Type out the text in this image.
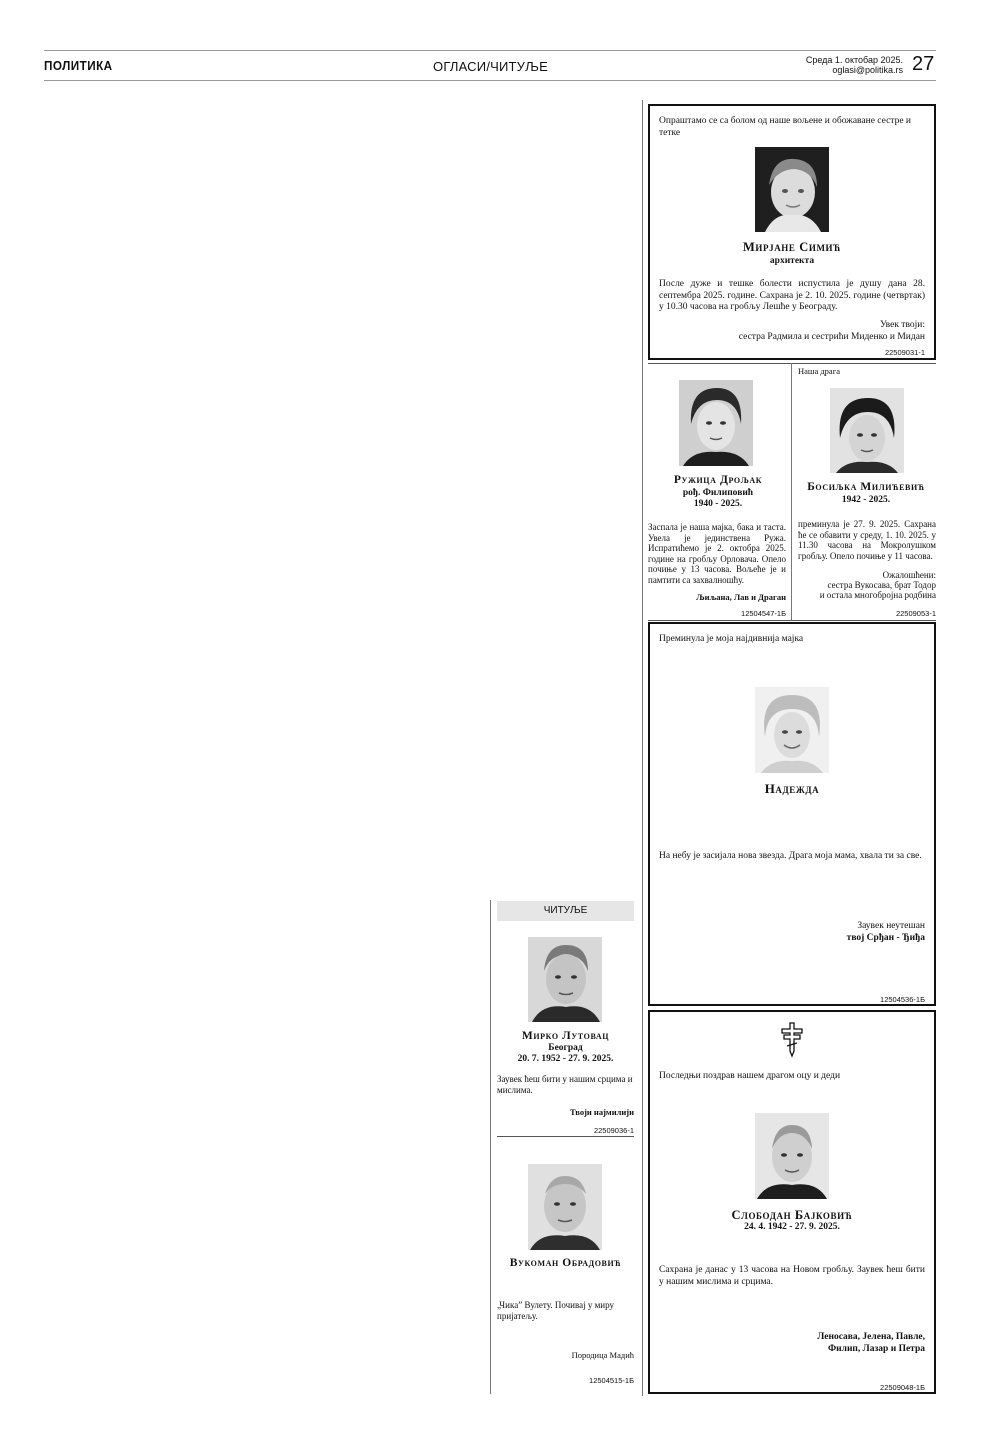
ПОЛИТИКА	ОГЛАСИ/ЧИТУЉЕ	Среда 1. октобар 2025.
oglasi@politika.rs 27
Опраштамо се са болом од наше вољене и обожаване сестре и тетке
Мирјане Симић
архитекта
После дуже и тешке болести испустила је душу дана 28. септембра 2025. године. Сахрана је 2. 10. 2025. године (четвртак) у 10.30 часова на гробљу Лешће у Београду.
Увек твоји:
сестра Радмила и сестрићи Миденко и Мидан
22509031-1
Ружица Дрољак
рођ. Филиповић
1940 - 2025.
Заспала је наша мајка, бака и таста. Увела је јединствена Ружа. Испратићемо је 2. октобра 2025. године на гробљу Орловача. Опело почиње у 13 часова. Вољеће је и памтити са захвалношћу.
Љиљана, Лав и Драган
12504547-1Б
Наша драга
Босиљка Милићевић
1942 - 2025.
преминула је 27. 9. 2025. Сахрана ће се обавити у среду, 1. 10. 2025. у 11.30 часова на Мокролушком гробљу. Опело почиње у 11 часова.
Ожалошћени:
сестра Вукосава, брат Тодор
и остала многобројна родбина
22509053-1
Преминула је моја најдивнија мајка
Надежда
На небу је засијала нова звезда. Драга моја мама, хвала ти за све.
Заувек неутешан
твој Срђан - Ђиђа
12504536-1Б
Последњи поздрав нашем драгом оцу и деди
Слободан Бајковић
24. 4. 1942 - 27. 9. 2025.
Сахрана је данас у 13 часова на Новом гробљу. Заувек ћеш бити у нашим мислима и срцима.
Леносава, Јелена, Павле,
Филип, Лазар и Петра
22509048-1Б
ЧИТУЉЕ
Мирко Лутовац
Београд
20. 7. 1952 - 27. 9. 2025.
Заувек ћеш бити у нашим срцима и мислима.
Твоји најмилији
22509036-1
Вукоман Обрадовић
„Чика” Вулету. Почивај у миру пријатељу.
Породица Мадић
12504515-1Б
